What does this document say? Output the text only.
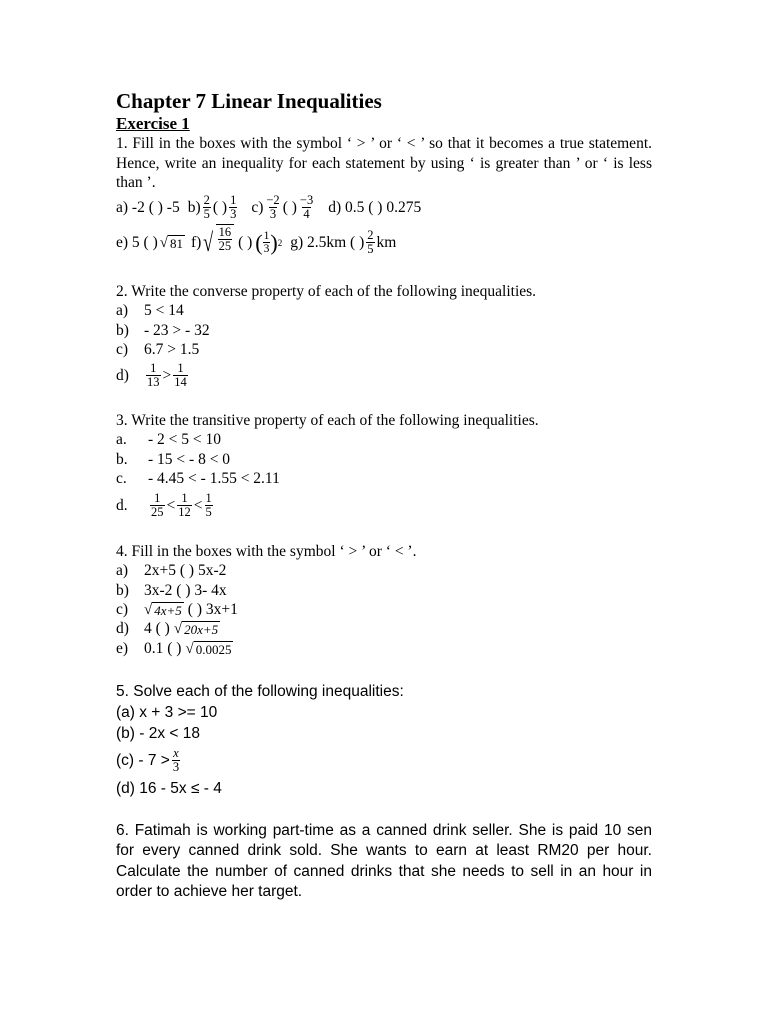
Chapter 7 Linear Inequalities
Exercise 1

1. Fill in the boxes with the symbol ‘ > ’ or ‘ < ’ so that it becomes a true statement. Hence, write an inequality for each statement by using ‘ is greater than ’ or ‘ is less than ’.

a) -2 ( ) -5 $b) \frac{2}{5}$ ( ) $\frac{1}{3} c) \frac{-2}{3}$ ( ) $\frac{-3}{4} d$) 0.5 ( ) 0.275
e) 5 ( ) √ 81 f) √ $\frac{16}{25}$ ( ) ( $\frac{1}{3}$ ) 2 g) 2.5km ( ) $\frac{2}{5}$ km

2. Write the converse property of each of the following inequalities.

a) 5 < 14

b) - 23 > - 32

c) 6.7 > 1.5

d)	$\frac{1}{13} > \frac{1}{14}$

3. Write the transitive property of each of the following inequalities.

a. - 2 < 5 < 10

b. - 15 < - 8 < 0

c. - 4.45 < - 1.55 < 2.11

d.	$\frac{1}{25} < \frac{1}{12} < \frac{1}{5}$

4. Fill in the boxes with the symbol ‘ > ’ or ‘ < ’.

a) 2x+5 ( ) 5x-2

b) 3x-2 ( ) 3- 4x

c)	√ 4x+5 ( ) 3x+1
d) 4 ( ) √ 20x+5
e)	0.1 ( ) √ 0.0025

5. Solve each of the following inequalities:

(a) x + 3 >= 10

(b) - 2x < 18

$(c) - 7 > \frac{x}{3}$

(d) 16 - 5x ≤ - 4

6. Fatimah is working part-time as a canned drink seller. She is paid 10 sen for every canned drink sold. She wants to earn at least RM20 per hour. Calculate the number of canned drinks that she needs to sell in an hour in order to achieve her target.
